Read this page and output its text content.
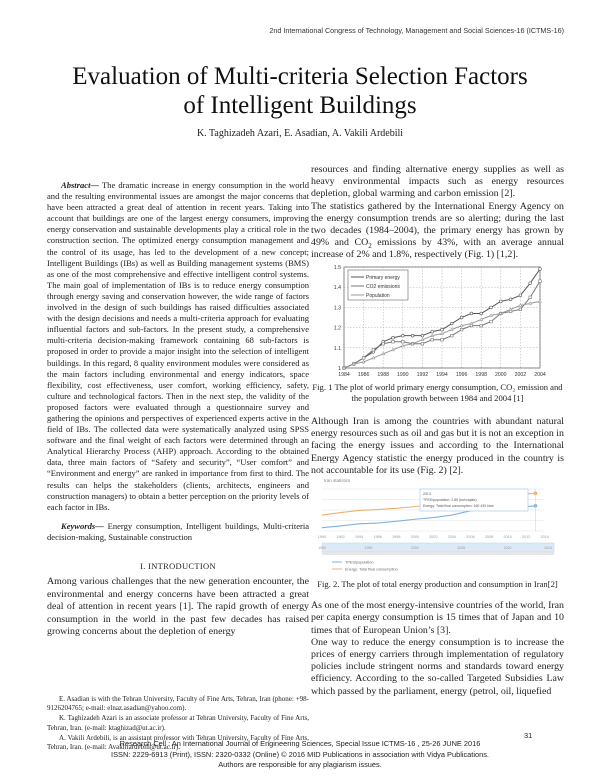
2nd International Congress of Technology, Management and Social Sciences-16 (ICTMS-16)
Evaluation of Multi-criteria Selection Factors
of Intelligent Buildings
K. Taghizadeh Azari, E. Asadian, A. Vakili Ardebili
Abstract— The dramatic increase in energy consumption in the world and the resulting environmental issues are amongst the major concerns that have been attracted a great deal of attention in recent years. Taking into account that buildings are one of the largest energy consumers, improving energy conservation and sustainable developments play a critical role in the construction section. The optimized energy consumption management and the control of its usage, has led to the development of a new concept; Intelligent Buildings (IBs) as well as Building management systems (BMS) as one of the most comprehensive and effective intelligent control systems. The main goal of implementation of IBs is to reduce energy consumption through energy saving and conservation however, the wide range of factors involved in the design of such buildings has raised difficulties associated with the design decisions and needs a multi-criteria approach for evaluating influential factors and sub-factors. In the present study, a comprehensive multi-criteria decision-making framework containing 68 sub-factors is proposed in order to provide a major insight into the selection of intelligent buildings. In this regard, 8 quality environment modules were considered as the main factors including environmental and energy indicators, space flexibility, cost effectiveness, user comfort, working efficiency, safety, culture and technological factors. Then in the next step, the validity of the proposed factors were evaluated through a questionnaire survey and gathering the opinions and perspectives of experienced experts active in the field of IBs. The collected data were systematically analyzed using SPSS software and the final weight of each factors were determined through an Analytical Hierarchy Process (AHP) approach. According to the obtained data, three main factors of “Safety and security”, “User comfort” and “Environment and energy” are ranked in importance from first to third. The results can helps the stakeholders (clients, architects, engineers and construction managers) to obtain a better perception on the priority levels of each factor in IBs.
Keywords— Energy consumption, Intelligent buildings, Multi-criteria decision-making, Sustainable construction
I. INTRODUCTION
Among various challenges that the new generation encounter, the environmental and energy concerns have been attracted a great deal of attention in recent years [1]. The rapid growth of energy consumption in the world in the past few decades has raised growing concerns about the depletion of energy

E. Asadian is with the Tehran University, Faculty of Fine Arts, Tehran, Iran (phone: +98-9126204765; e-mail: elnaz.asadian@yahoo.com).

K. Taghizadeh Azari is an associate professor at Tehran University, Faculty of Fine Arts, Tehran, Iran. (e-mail: ktaghizad@ut.ac.ir).

A. Vakili Ardebili, is an assistant professor with Tehran University, Faculty of Fine Arts, Tehran, Iran. (e-mail: Avakiliardebili@ut.ac.ir).

resources and finding alternative energy supplies as well as heavy environmental impacts such as energy resources depletion, global warming and carbon emission [2].

The statistics gathered by the International Energy Agency on the energy consumption trends are so alerting; during the last two decades (1984–2004), the primary energy has grown by 49% and $CO_2$ emissions by 43%, with an average annual increase of 2% and 1.8%, respectively (Fig. 1) [1,2].

1984 1986 1988 1990 1992 1994 1996 1998 2000 2002 2004
1
1.1
1.2
1.3
1.4
1.5
Primary energy
CO2 emissions
Population
Fig. 1 The plot of world primary energy consumption, CO₂ emission and the population growth between 1984 and 2004 [1]
Although Iran is among the countries with abundant natural energy resources such as oil and gas but it is not an exception in facing the energy issues and according to the International Energy Agency statistic the energy produced in the country is not accountable for its use (Fig. 2) [2].
Iran statistics
1990	1992	1994	1996	1998	2000	2002	2004	2006	2008	2010	2012	2014
2013
TPES/population: 2.85 (toe/capita)
Energy: Total final consumption: 160 439 ktoe
1990	1995	2000	2005	2010	2015
TPES/population
Energy: Total final consumption
Fig. 2. The plot of total energy production and consumption in Iran[2]

As one of the most energy-intensive countries of the world, Iran per capita energy consumption is 15 times that of Japan and 10 times that of European Union’s [3].

One way to reduce the energy consumption is to increase the prices of energy carriers through implementation of regulatory policies include stringent norms and standards toward energy efficiency. According to the so-called Targeted Subsidies Law which passed by the parliament, energy (petrol, oil, liquefied

Research Cell : An International Journal of Engineering Sciences, Special Issue ICTMS-16 , 25-26 JUNE 2016
ISSN: 2229-6913 (Print), ISSN: 2320-0332 (Online) © 2016 MID Publications in association with Vidya Publications.
Authors are responsible for any plagiarism issues.
31
